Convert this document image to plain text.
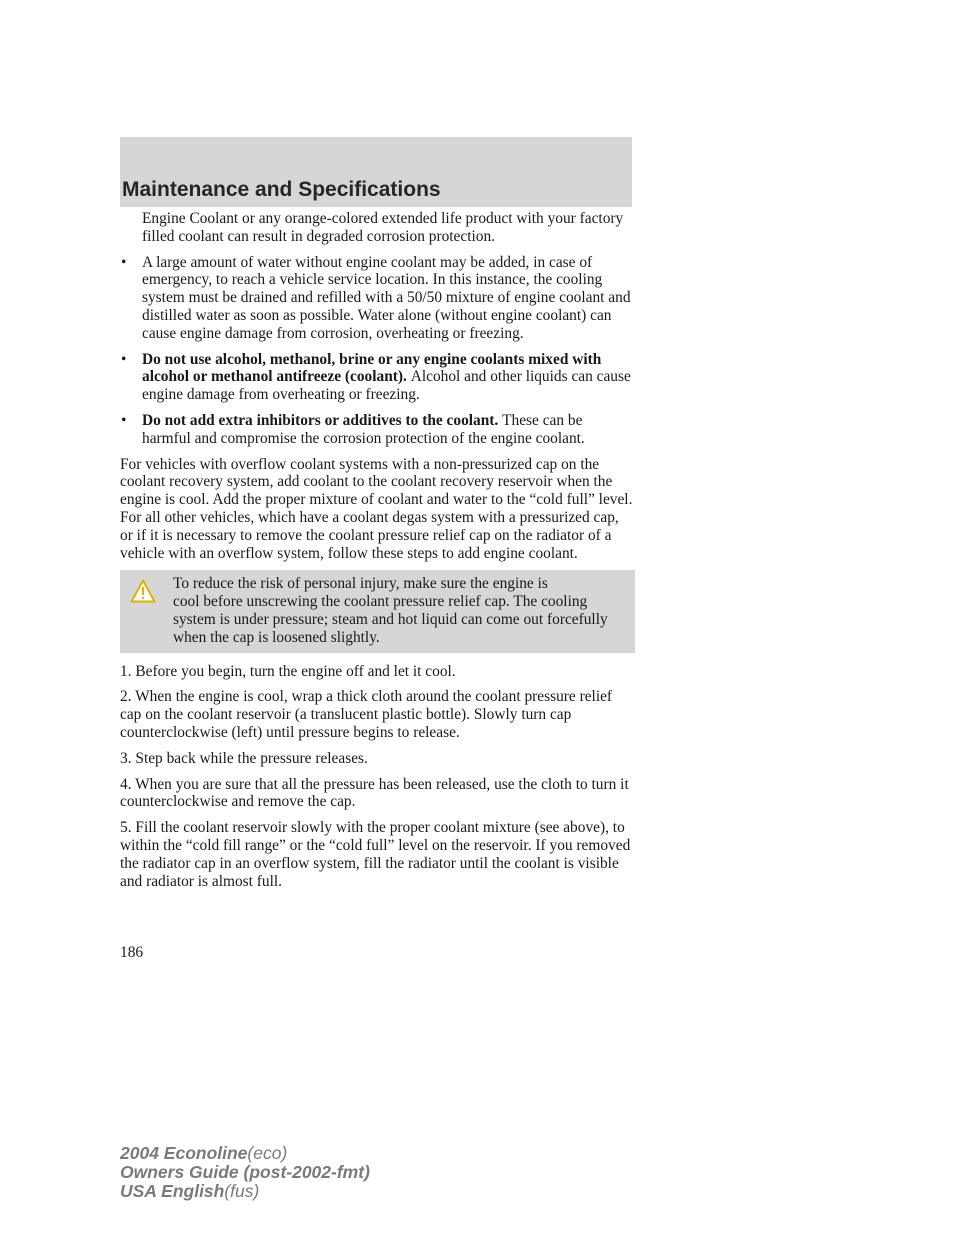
Maintenance and Specifications

Engine Coolant or any orange-colored extended life product with your factory filled coolant can result in degraded corrosion protection.

• A large amount of water without engine coolant may be added, in case of emergency, to reach a vehicle service location. In this instance, the cooling system must be drained and refilled with a 50/50 mixture of engine coolant and distilled water as soon as possible. Water alone (without engine coolant) can cause engine damage from corrosion, overheating or freezing.
• Do not use alcohol, methanol, brine or any engine coolants mixed with alcohol or methanol antifreeze (coolant). Alcohol and other liquids can cause engine damage from overheating or freezing.
• Do not add extra inhibitors or additives to the coolant. These can be harmful and compromise the corrosion protection of the engine coolant.

For vehicles with overflow coolant systems with a non-pressurized cap on the coolant recovery system, add coolant to the coolant recovery reservoir when the engine is cool. Add the proper mixture of coolant and water to the “cold full” level. For all other vehicles, which have a coolant degas system with a pressurized cap, or if it is necessary to remove the coolant pressure relief cap on the radiator of a vehicle with an overflow system, follow these steps to add engine coolant.

To reduce the risk of personal injury, make sure the engine is
cool before unscrewing the coolant pressure relief cap. The cooling system is under pressure; steam and hot liquid can come out forcefully when the cap is loosened slightly.

1. Before you begin, turn the engine off and let it cool.

2. When the engine is cool, wrap a thick cloth around the coolant pressure relief cap on the coolant reservoir (a translucent plastic bottle). Slowly turn cap counterclockwise (left) until pressure begins to release.

3. Step back while the pressure releases.

4. When you are sure that all the pressure has been released, use the cloth to turn it counterclockwise and remove the cap.

5. Fill the coolant reservoir slowly with the proper coolant mixture (see above), to within the “cold fill range” or the “cold full” level on the reservoir. If you removed the radiator cap in an overflow system, fill the radiator until the coolant is visible and radiator is almost full.

186
2004 Econoline(eco)
Owners Guide (post-2002-fmt)
USA English(fus)
